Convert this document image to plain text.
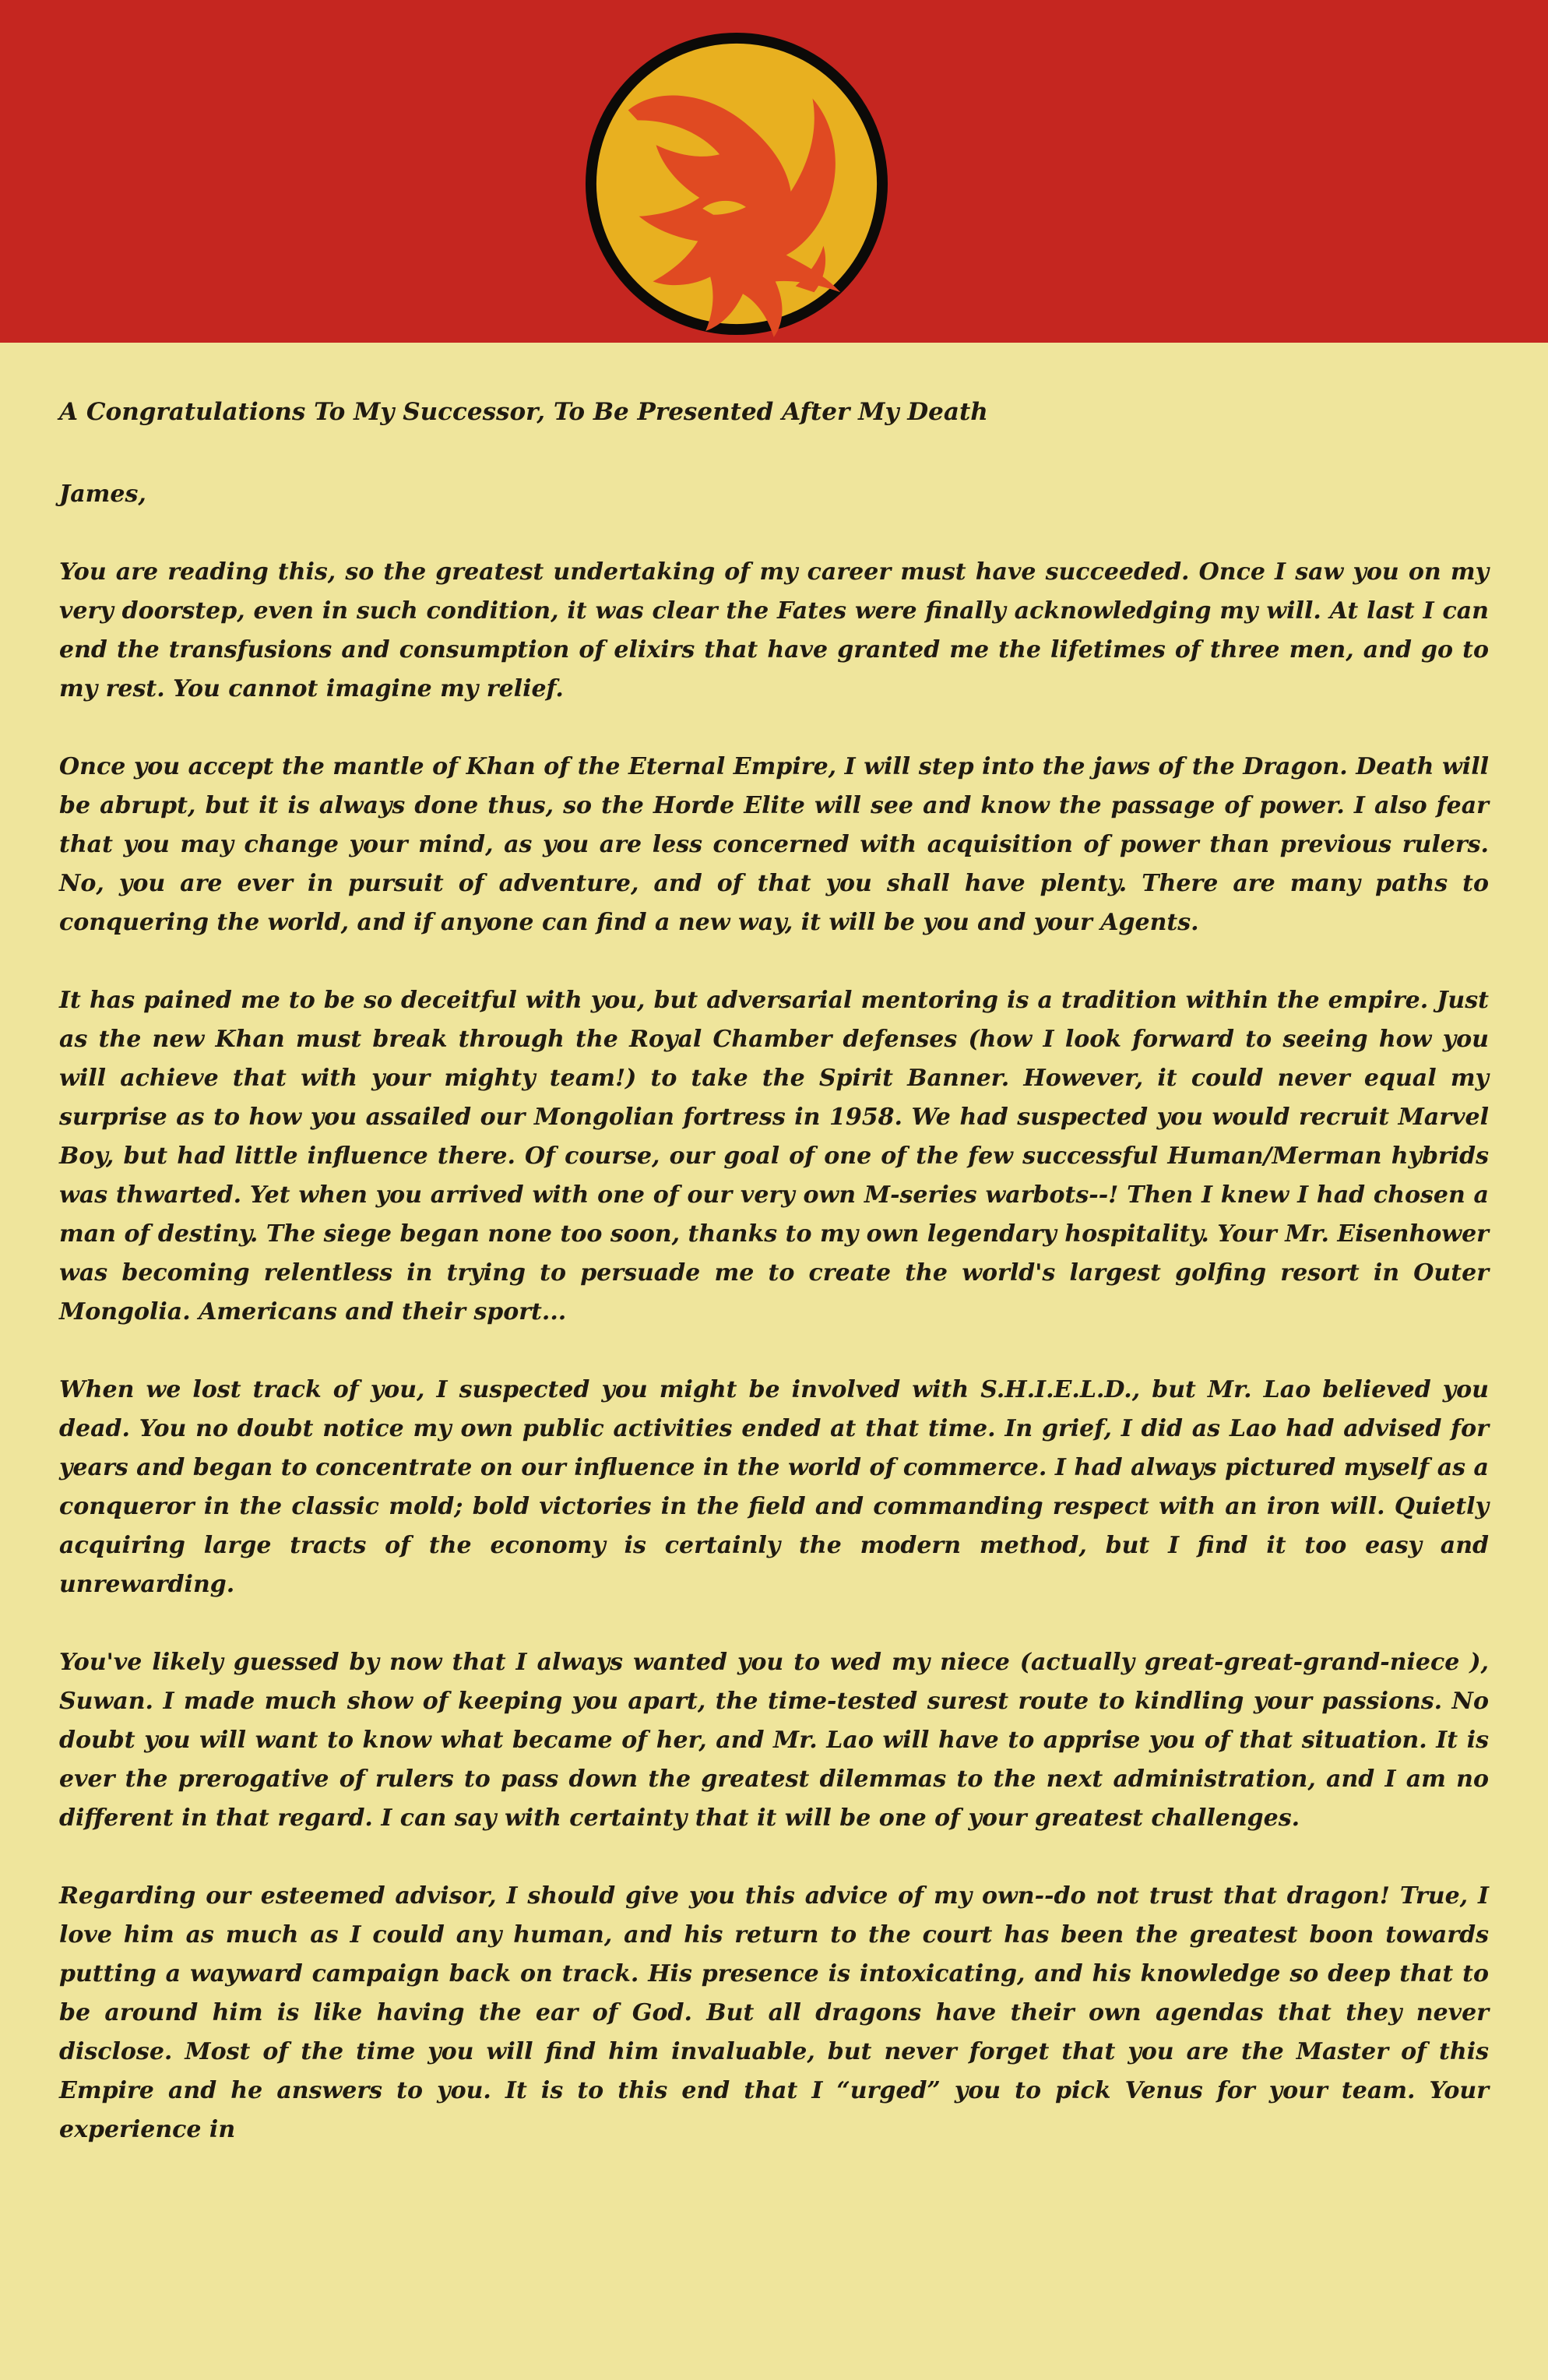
A Congratulations To My Successor, To Be Presented After My Death
James,
You are reading this, so the greatest undertaking of my career must have succeeded. Once I saw you on my very doorstep, even in such condition, it was clear the Fates were finally acknowledging my will. At last I can end the transfusions and consumption of elixirs that have granted me the lifetimes of three men, and go to my rest. You cannot imagine my relief.
Once you accept the mantle of Khan of the Eternal Empire, I will step into the jaws of the Dragon. Death will be abrupt, but it is always done thus, so the Horde Elite will see and know the passage of power. I also fear that you may change your mind, as you are less concerned with acquisition of power than previous rulers. No, you are ever in pursuit of adventure, and of that you shall have plenty. There are many paths to conquering the world, and if anyone can find a new way, it will be you and your Agents.
It has pained me to be so deceitful with you, but adversarial mentoring is a tradition within the empire. Just as the new Khan must break through the Royal Chamber defenses (how I look forward to seeing how you will achieve that with your mighty team!) to take the Spirit Banner. However, it could never equal my surprise as to how you assailed our Mongolian fortress in 1958. We had suspected you would recruit Marvel Boy, but had little influence there. Of course, our goal of one of the few successful Human/Merman hybrids was thwarted. Yet when you arrived with one of our very own M-series warbots--! Then I knew I had chosen a man of destiny. The siege began none too soon, thanks to my own legendary hospitality. Your Mr. Eisenhower was becoming relentless in trying to persuade me to create the world's largest golfing resort in Outer Mongolia. Americans and their sport...
When we lost track of you, I suspected you might be involved with S.H.I.E.L.D., but Mr. Lao believed you dead. You no doubt notice my own public activities ended at that time. In grief, I did as Lao had advised for years and began to concentrate on our influence in the world of commerce. I had always pictured myself as a conqueror in the classic mold; bold victories in the field and commanding respect with an iron will. Quietly acquiring large tracts of the economy is certainly the modern method, but I find it too easy and unrewarding.
You've likely guessed by now that I always wanted you to wed my niece (actually great-great-grand-niece ), Suwan. I made much show of keeping you apart, the time-tested surest route to kindling your passions. No doubt you will want to know what became of her, and Mr. Lao will have to apprise you of that situation. It is ever the prerogative of rulers to pass down the greatest dilemmas to the next administration, and I am no different in that regard. I can say with certainty that it will be one of your greatest challenges.
Regarding our esteemed advisor, I should give you this advice of my own--do not trust that dragon! True, I love him as much as I could any human, and his return to the court has been the greatest boon towards putting a wayward campaign back on track. His presence is intoxicating, and his knowledge so deep that to be around him is like having the ear of God. But all dragons have their own agendas that they never disclose. Most of the time you will find him invaluable, but never forget that you are the Master of this Empire and he answers to you. It is to this end that I “urged” you to pick Venus for your team. Your experience in
